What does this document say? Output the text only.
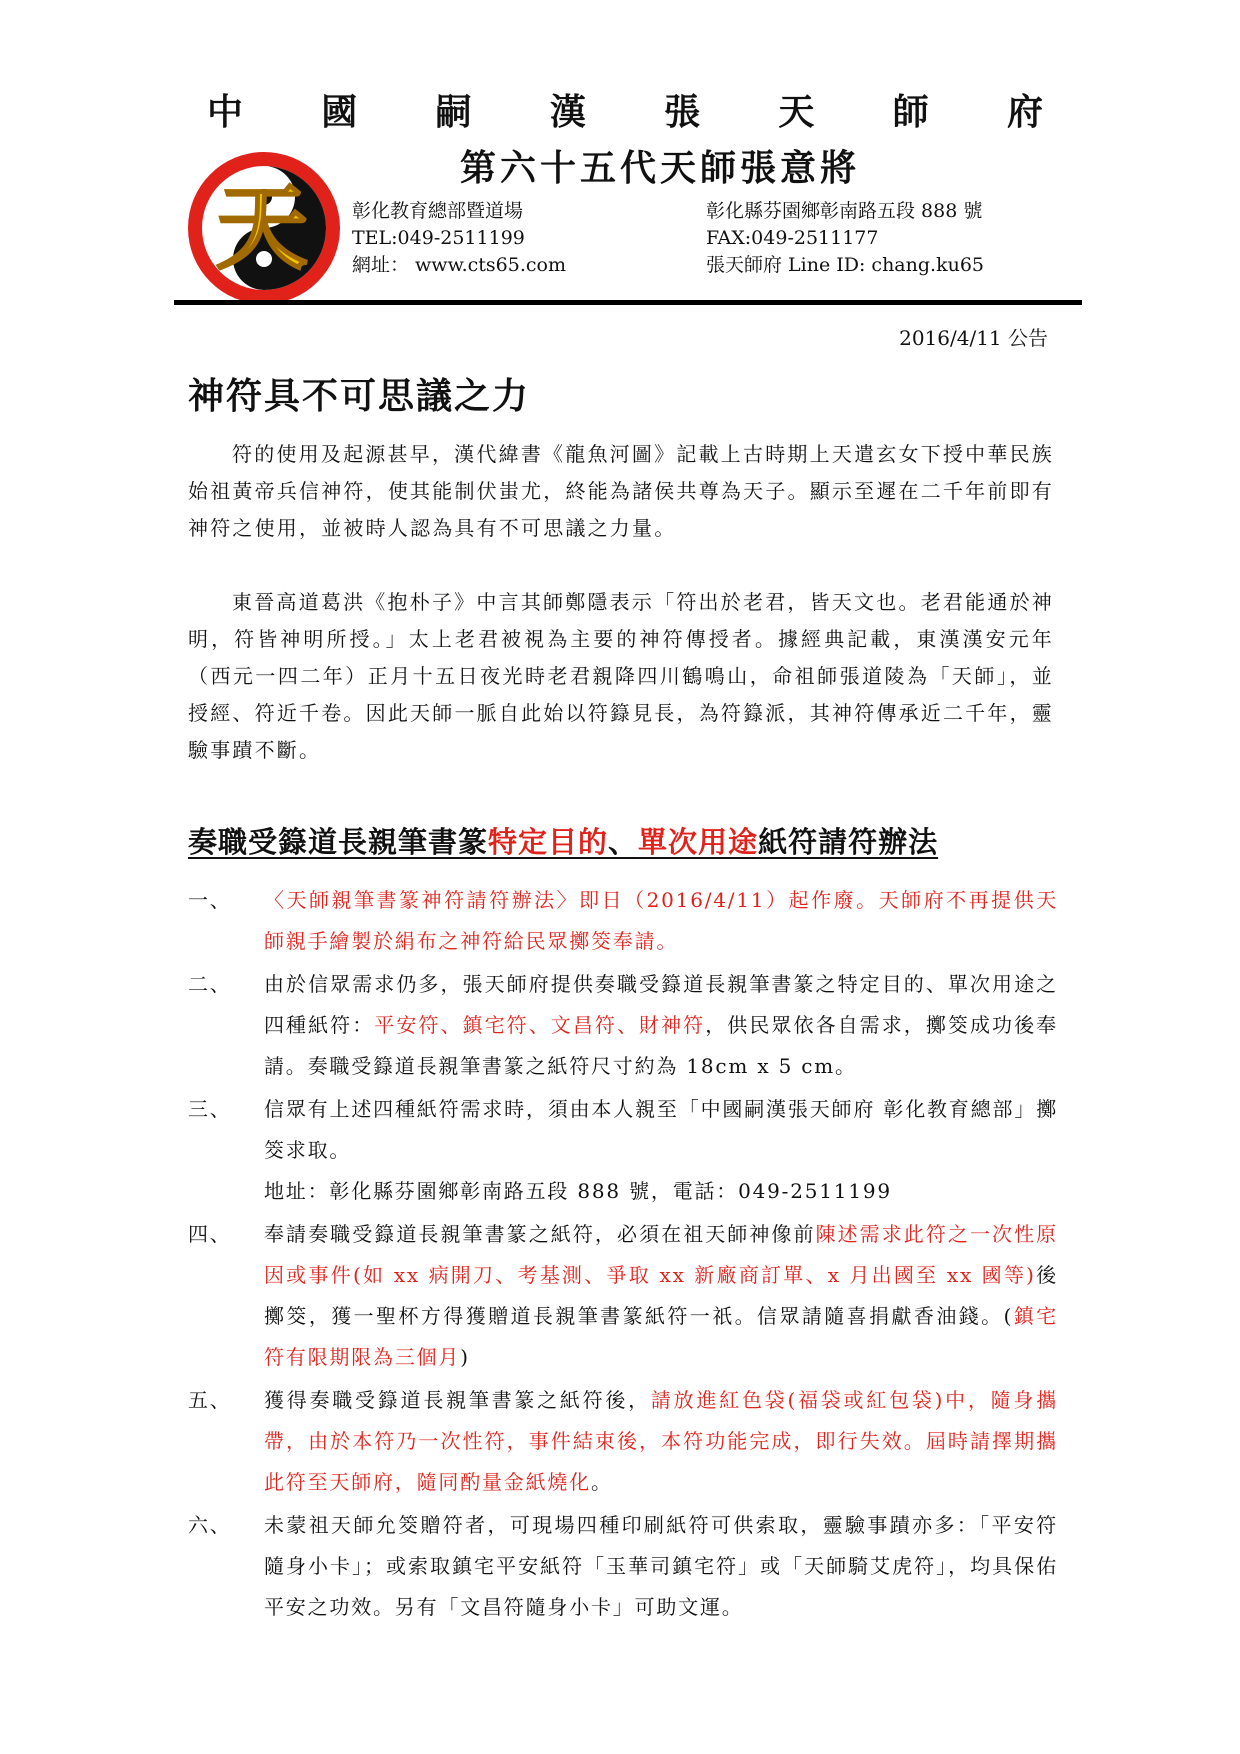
中 國 嗣 漢 張 天 師 府
第六十五代天師張意將
天 彰化教育總部暨道場
TEL:049-2511199
網址： www.cts65.com
彰化縣芬園鄉彰南路五段 888 號
FAX:049-2511177
張天師府 Line ID: chang.ku65
2016/4/11 公告
神符具不可思議之力
符的使用及起源甚早，漢代緯書《龍魚河圖》記載上古時期上天遣玄女下授中華民族始祖黃帝兵信神符，使其能制伏蚩尤，終能為諸侯共尊為天子。顯示至遲在二千年前即有神符之使用，並被時人認為具有不可思議之力量。
東晉高道葛洪《抱朴子》中言其師鄭隱表示「符出於老君，皆天文也。老君能通於神明，符皆神明所授。」太上老君被視為主要的神符傳授者。據經典記載，東漢漢安元年（西元一四二年）正月十五日夜光時老君親降四川鶴鳴山，命祖師張道陵為「天師」，並授經、符近千卷。因此天師一脈自此始以符籙見長，為符籙派，其神符傳承近二千年，靈驗事蹟不斷。
奏職受籙道長親筆書篆特定目的、單次用途紙符請符辦法
一、	〈天師親筆書篆神符請符辦法〉即日（2016/4/11）起作廢。天師府不再提供天師親手繪製於絹布之神符給民眾擲筊奉請。
二、	由於信眾需求仍多，張天師府提供奏職受籙道長親筆書篆之特定目的、單次用途之四種紙符：平安符、鎮宅符、文昌符、財神符，供民眾依各自需求，擲筊成功後奉請。奏職受籙道長親筆書篆之紙符尺寸約為 18cm x 5 cm。
三、	信眾有上述四種紙符需求時，須由本人親至「中國嗣漢張天師府 彰化教育總部」擲筊求取。
地址：彰化縣芬園鄉彰南路五段 888 號，電話：049-2511199
四、	奉請奏職受籙道長親筆書篆之紙符，必須在祖天師神像前陳述需求此符之一次性原因或事件(如 xx 病開刀、考基測、爭取 xx 新廠商訂單、x 月出國至 xx 國等)後擲筊，獲一聖杯方得獲贈道長親筆書篆紙符一祇。信眾請隨喜捐獻香油錢。(鎮宅符有限期限為三個月)
五、	獲得奏職受籙道長親筆書篆之紙符後，請放進紅色袋(福袋或紅包袋)中，隨身攜帶，由於本符乃一次性符，事件結束後，本符功能完成，即行失效。屆時請擇期攜此符至天師府，隨同酌量金紙燒化。
六、	未蒙祖天師允筊贈符者，可現場四種印刷紙符可供索取，靈驗事蹟亦多：「平安符隨身小卡」；或索取鎮宅平安紙符「玉華司鎮宅符」或「天師騎艾虎符」，均具保佑平安之功效。另有「文昌符隨身小卡」可助文運。
